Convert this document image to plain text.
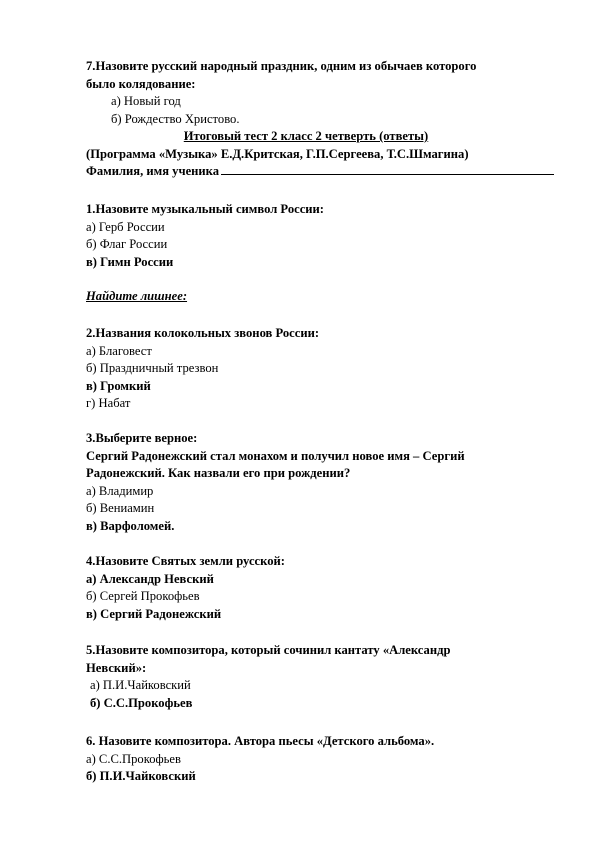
7.Назовите русский народный праздник, одним из обычаев которого
было колядование:
а) Новый год
б) Рождество Христово.
Итоговый тест 2 класс 2 четверть (ответы)
(Программа «Музыка» Е.Д.Критская, Г.П.Сергеева, Т.С.Шмагина)
Фамилия, имя ученика
1.Назовите музыкальный символ России:
а) Герб России
б) Флаг России
в) Гимн России
Найдите лишнее:
2.Названия колокольных звонов России:
а) Благовест
б) Праздничный трезвон
в) Громкий
г) Набат
3.Выберите верное:
Сергий Радонежский стал монахом и получил новое имя – Сергий
Радонежский. Как назвали его при рождении?
а) Владимир
б) Вениамин
в) Варфоломей.
4.Назовите Святых земли русской:
а) Александр Невский
б) Сергей Прокофьев
в) Сергий Радонежский
5.Назовите композитора, который сочинил кантату «Александр
Невский»:
а) П.И.Чайковский
б) С.С.Прокофьев
6. Назовите композитора. Автора пьесы «Детского альбома».
а) С.С.Прокофьев
б) П.И.Чайковский
